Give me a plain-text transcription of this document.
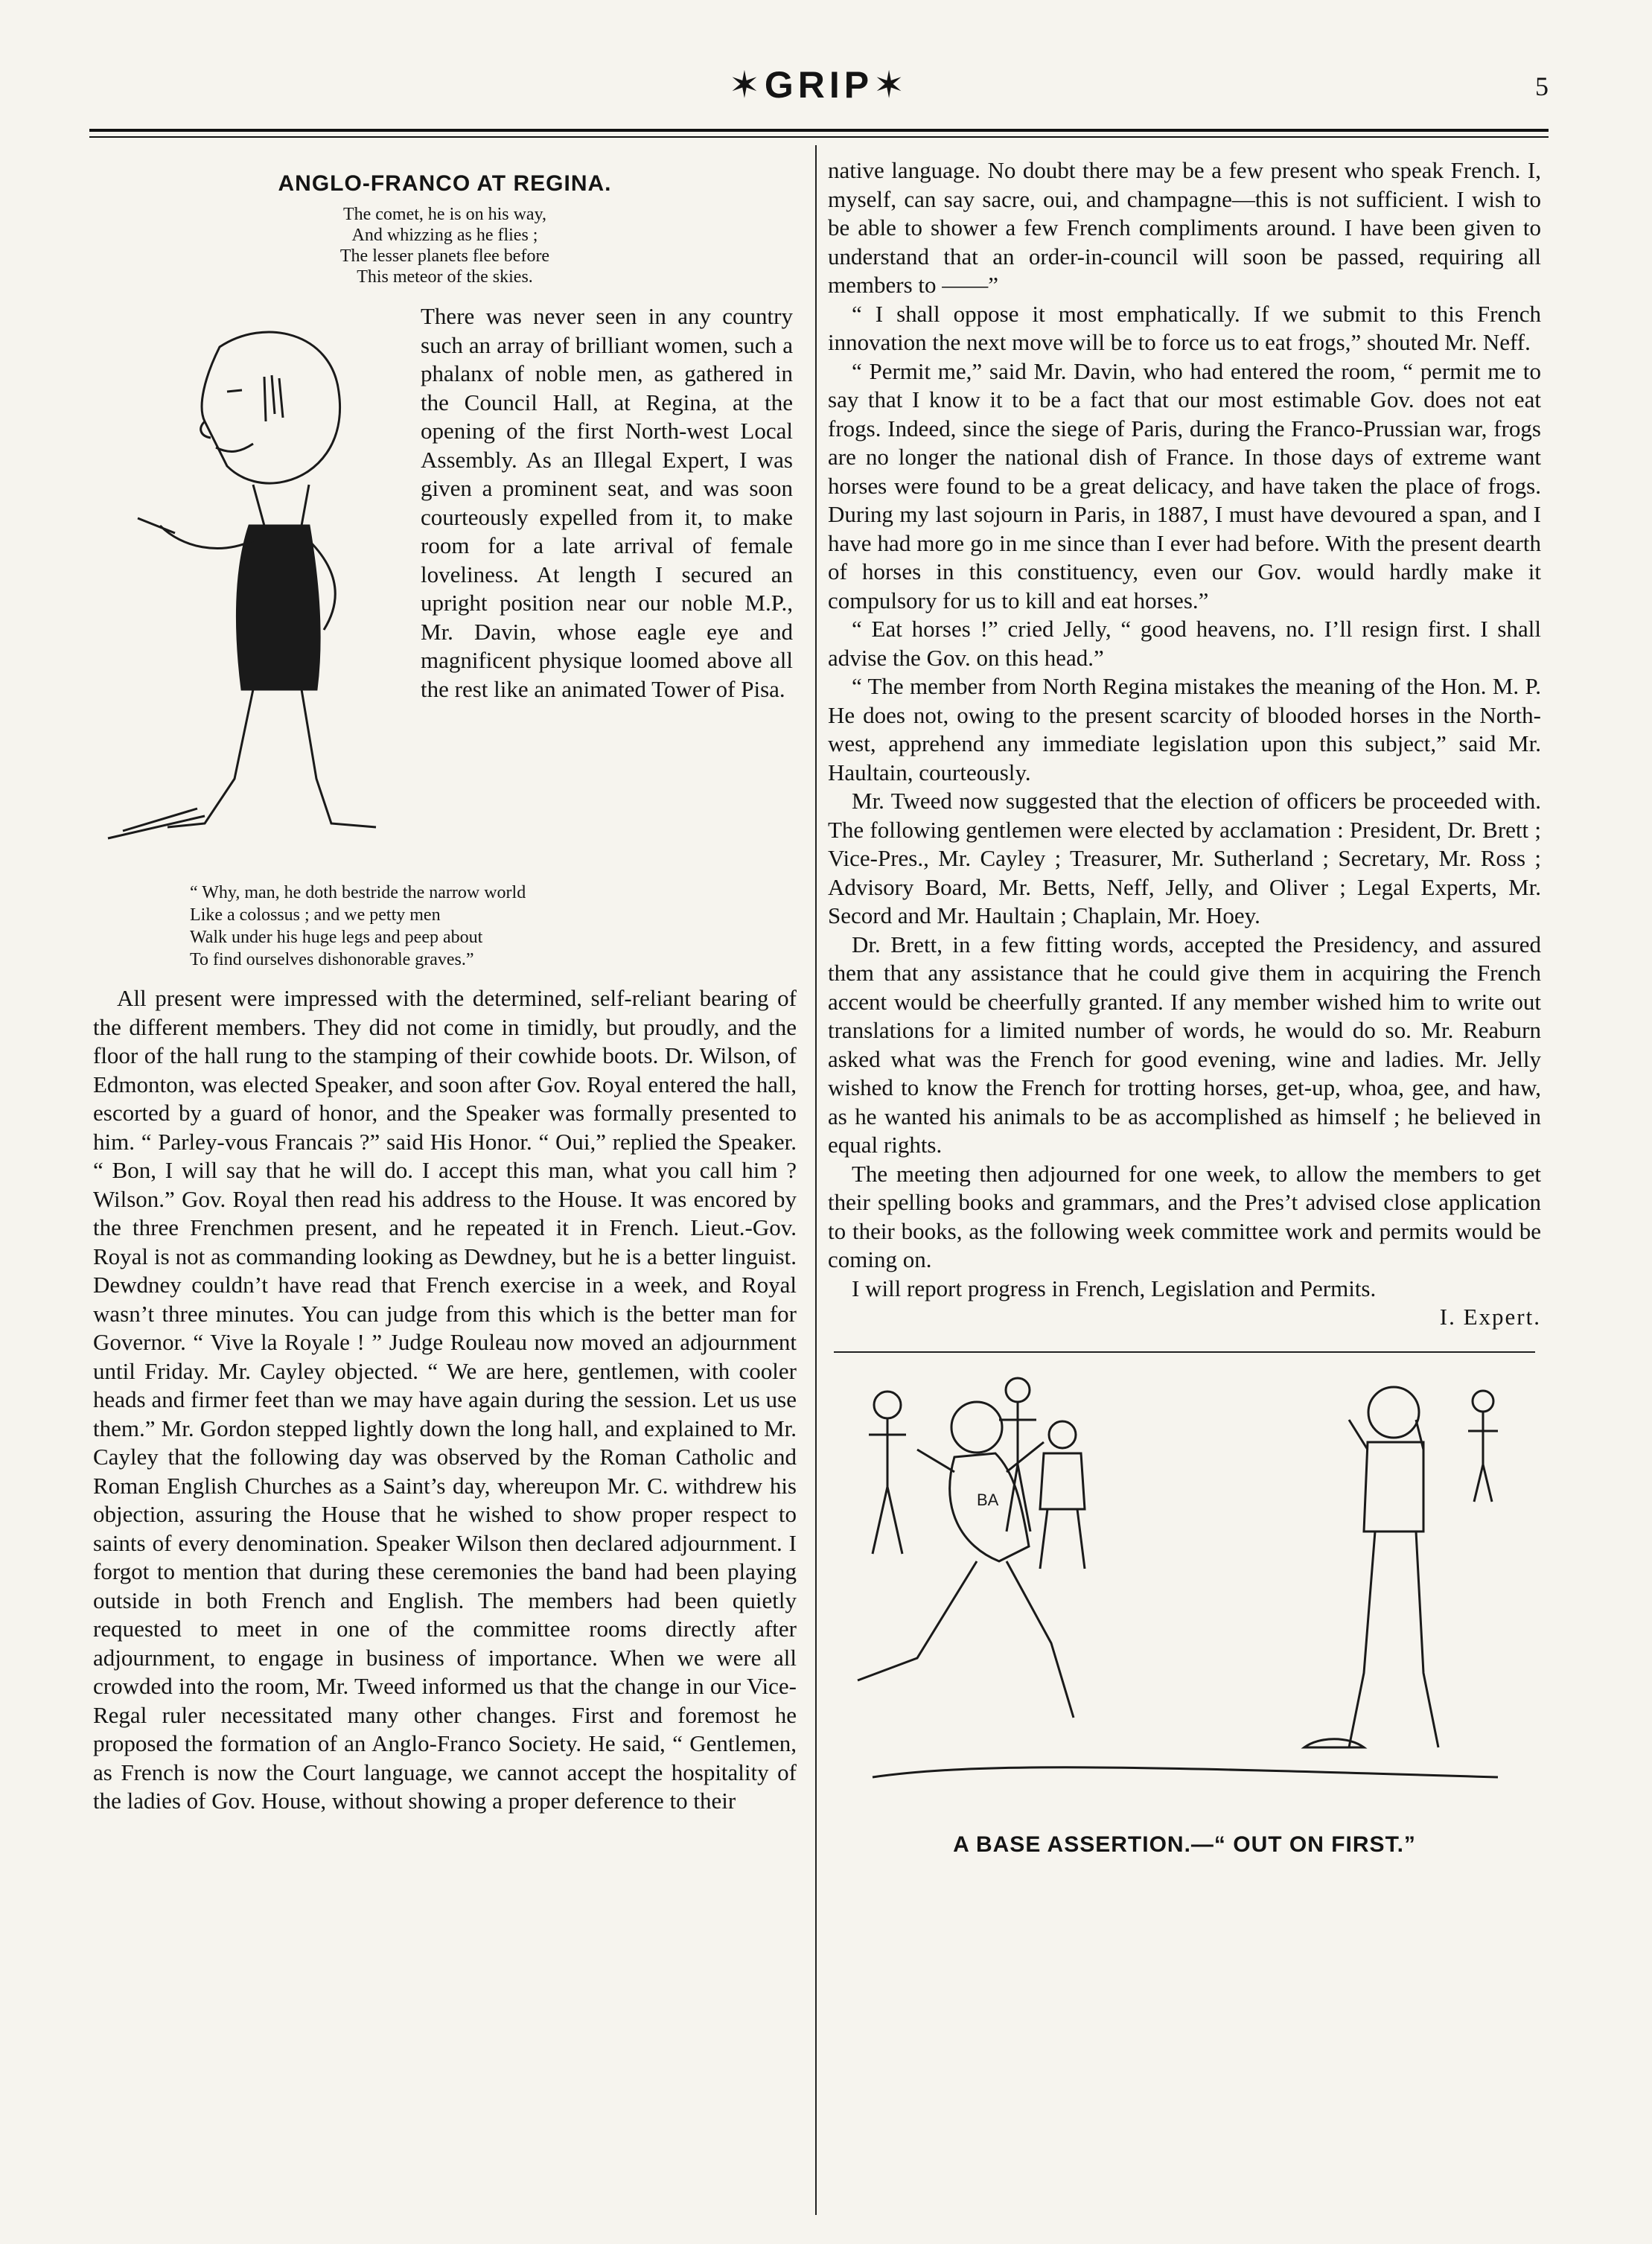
✶GRIP✶	5
ANGLO-FRANCO AT REGINA.
The comet, he is on his way,
And whizzing as he flies ;
The lesser planets flee before
This meteor of the skies.
There was never seen in any country such an array of brilliant women, such a phalanx of noble men, as gathered in the Council Hall, at Regina, at the opening of the first North-west Local Assembly. As an Illegal Expert, I was given a prominent seat, and was soon courteously expelled from it, to make room for a late arrival of female loveliness. At length I secured an upright position near our noble M.P., Mr. Davin, whose eagle eye and magnificent physique loomed above all the rest like an animated Tower of Pisa.
“ Why, man, he doth bestride the narrow world
Like a colossus ; and we petty men
Walk under his huge legs and peep about
To find ourselves dishonorable graves.”

All present were impressed with the determined, self-reliant bearing of the different members. They did not come in timidly, but proudly, and the floor of the hall rung to the stamping of their cowhide boots. Dr. Wilson, of Edmonton, was elected Speaker, and soon after Gov. Royal entered the hall, escorted by a guard of honor, and the Speaker was formally presented to him. “ Parley-vous Francais ?” said His Honor. “ Oui,” replied the Speaker. “ Bon, I will say that he will do. I accept this man, what you call him ? Wilson.” Gov. Royal then read his address to the House. It was encored by the three Frenchmen present, and he repeated it in French. Lieut.-Gov. Royal is not as commanding looking as Dewdney, but he is a better linguist. Dewdney couldn’t have read that French exercise in a week, and Royal wasn’t three minutes. You can judge from this which is the better man for Governor. “ Vive la Royale ! ” Judge Rouleau now moved an adjournment until Friday. Mr. Cayley objected. “ We are here, gentlemen, with cooler heads and firmer feet than we may have again during the session. Let us use them.” Mr. Gordon stepped lightly down the long hall, and explained to Mr. Cayley that the following day was observed by the Roman Catholic and Roman English Churches as a Saint’s day, whereupon Mr. C. withdrew his objection, assuring the House that he wished to show proper respect to saints of every denomination. Speaker Wilson then declared adjournment. I forgot to mention that during these ceremonies the band had been playing outside in both French and English. The members had been quietly requested to meet in one of the committee rooms directly after adjournment, to engage in business of importance. When we were all crowded into the room, Mr. Tweed informed us that the change in our Vice-Regal ruler necessitated many other changes. First and foremost he proposed the formation of an Anglo-Franco Society. He said, “ Gentlemen, as French is now the Court language, we cannot accept the hospitality of the ladies of Gov. House, without showing a proper deference to their

native language. No doubt there may be a few present who speak French. I, myself, can say sacre, oui, and champagne—this is not sufficient. I wish to be able to shower a few French compliments around. I have been given to understand that an order-in-council will soon be passed, requiring all members to ——”

“ I shall oppose it most emphatically. If we submit to this French innovation the next move will be to force us to eat frogs,” shouted Mr. Neff.

“ Permit me,” said Mr. Davin, who had entered the room, “ permit me to say that I know it to be a fact that our most estimable Gov. does not eat frogs. Indeed, since the siege of Paris, during the Franco-Prussian war, frogs are no longer the national dish of France. In those days of extreme want horses were found to be a great delicacy, and have taken the place of frogs. During my last sojourn in Paris, in 1887, I must have devoured a span, and I have had more go in me since than I ever had before. With the present dearth of horses in this constituency, even our Gov. would hardly make it compulsory for us to kill and eat horses.”

“ Eat horses !” cried Jelly, “ good heavens, no. I’ll resign first. I shall advise the Gov. on this head.”

“ The member from North Regina mistakes the meaning of the Hon. M. P. He does not, owing to the present scarcity of blooded horses in the North-west, apprehend any immediate legislation upon this subject,” said Mr. Haultain, courteously.

Mr. Tweed now suggested that the election of officers be proceeded with. The following gentlemen were elected by acclamation : President, Dr. Brett ; Vice-Pres., Mr. Cayley ; Treasurer, Mr. Sutherland ; Secretary, Mr. Ross ; Advisory Board, Mr. Betts, Neff, Jelly, and Oliver ; Legal Experts, Mr. Secord and Mr. Haultain ; Chaplain, Mr. Hoey.

Dr. Brett, in a few fitting words, accepted the Presidency, and assured them that any assistance that he could give them in acquiring the French accent would be cheerfully granted. If any member wished him to write out translations for a limited number of words, he would do so. Mr. Reaburn asked what was the French for good evening, wine and ladies. Mr. Jelly wished to know the French for trotting horses, get-up, whoa, gee, and haw, as he wanted his animals to be as accomplished as himself ; he believed in equal rights.

The meeting then adjourned for one week, to allow the members to get their spelling books and grammars, and the Pres’t advised close application to their books, as the following week committee work and permits would be coming on.

I will report progress in French, Legislation and Permits.

I. Expert.
BA
A BASE ASSERTION.—“ OUT ON FIRST.”
